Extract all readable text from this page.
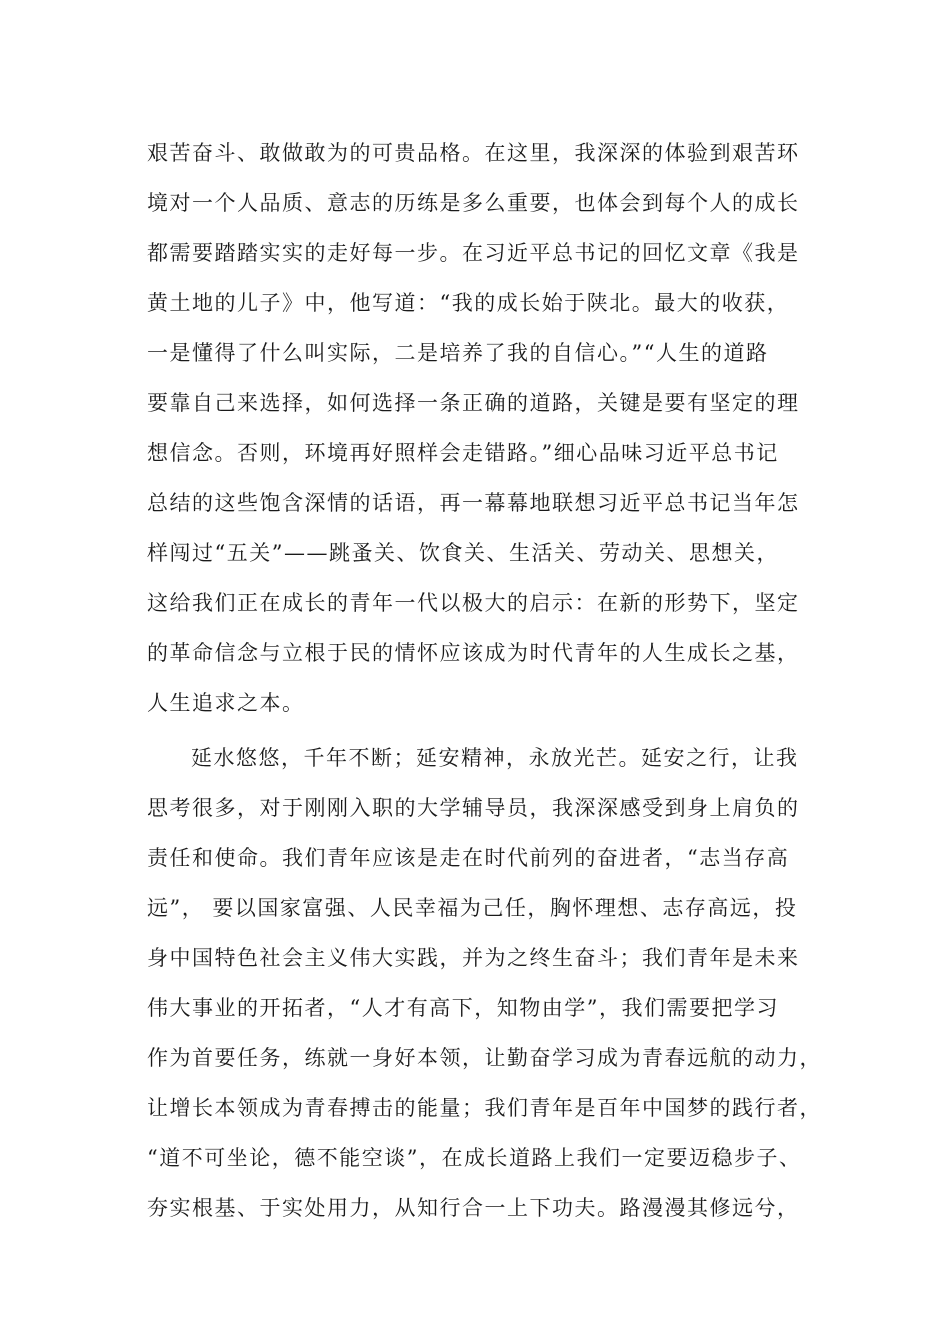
艰苦奋斗、敢做敢为的可贵品格。在这里，我深深的体验到艰苦环
境对一个人品质、意志的历练是多么重要，也体会到每个人的成长
都需要踏踏实实的走好每一步。在习近平总书记的回忆文章《我是
黄土地的儿子》中，他写道：“我的成长始于陕北。最大的收获，
一是懂得了什么叫实际，二是培养了我的自信心。”“人生的道路
要靠自己来选择，如何选择一条正确的道路，关键是要有坚定的理
想信念。否则，环境再好照样会走错路。”细心品味习近平总书记
总结的这些饱含深情的话语，再一幕幕地联想习近平总书记当年怎
样闯过“五关”——跳蚤关、饮食关、生活关、劳动关、思想关，
这给我们正在成长的青年一代以极大的启示：在新的形势下，坚定
的革命信念与立根于民的情怀应该成为时代青年的人生成长之基，
人生追求之本。
延水悠悠，千年不断；延安精神，永放光芒。延安之行，让我
思考很多，对于刚刚入职的大学辅导员，我深深感受到身上肩负的
责任和使命。我们青年应该是走在时代前列的奋进者，“志当存高
远”， 要以国家富强、人民幸福为己任，胸怀理想、志存高远，投
身中国特色社会主义伟大实践，并为之终生奋斗；我们青年是未来
伟大事业的开拓者，“人才有高下，知物由学”，我们需要把学习
作为首要任务，练就一身好本领，让勤奋学习成为青春远航的动力，
让增长本领成为青春搏击的能量；我们青年是百年中国梦的践行者，
“道不可坐论，德不能空谈”，在成长道路上我们一定要迈稳步子、
夯实根基、于实处用力，从知行合一上下功夫。路漫漫其修远兮，
